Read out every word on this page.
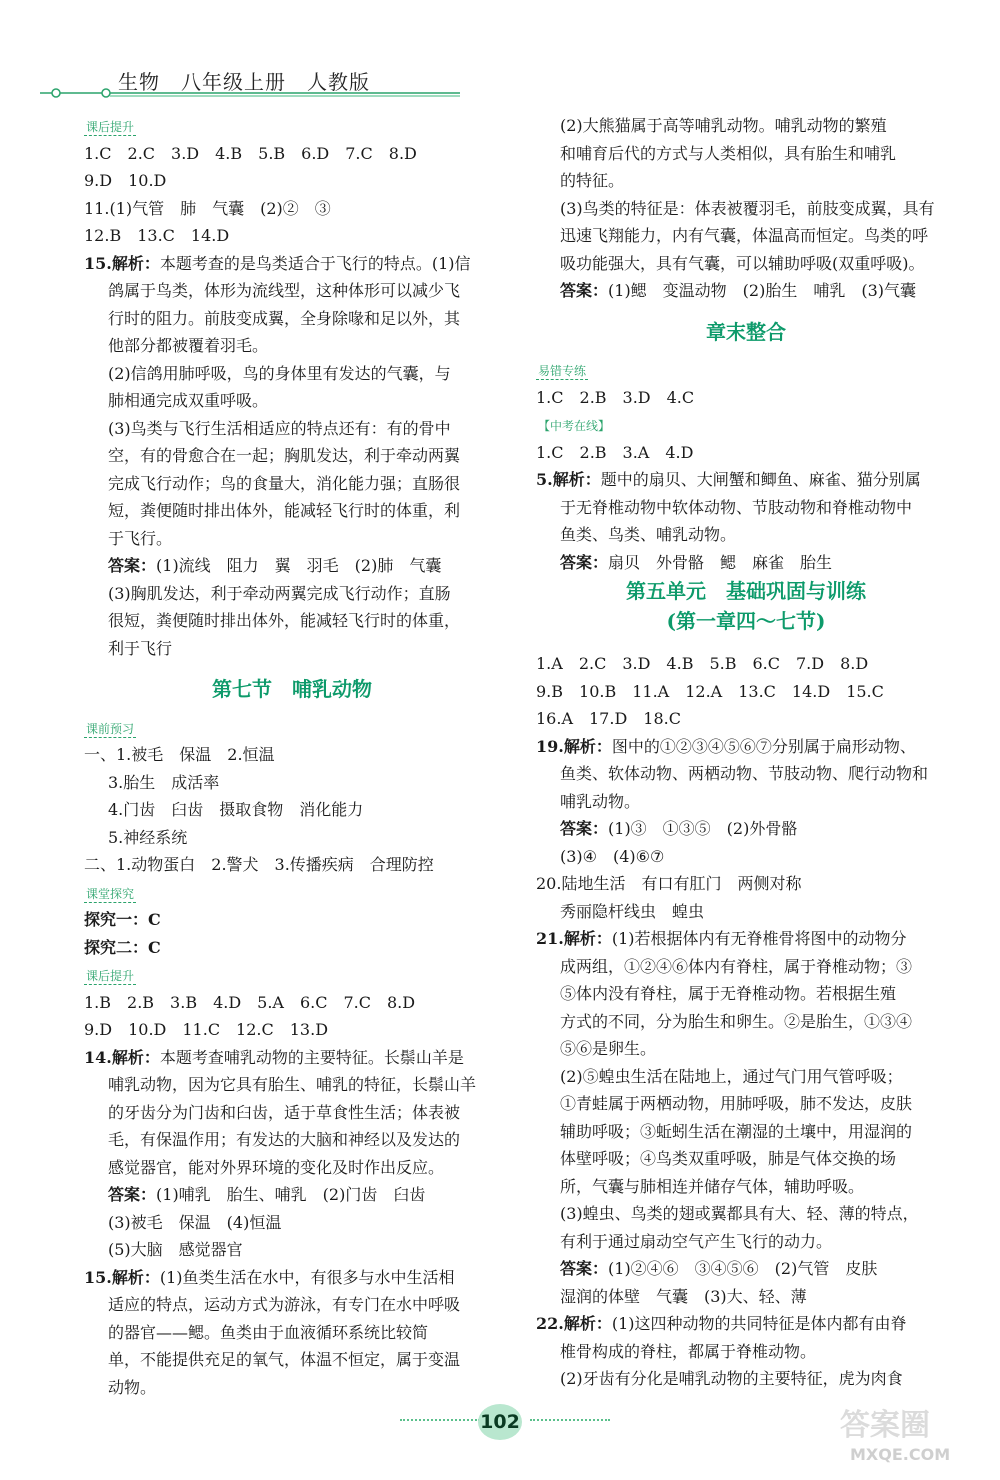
生物　八年级上册　人教版
课后提升
1.C　2.C　3.D　4.B　5.B　6.D　7.C　8.D
9.D　10.D
11.(1)气管　肺　气囊　(2)②　③
12.B　13.C　14.D
15.解析：本题考查的是鸟类适合于飞行的特点。(1)信
鸽属于鸟类，体形为流线型，这种体形可以减少飞
行时的阻力。前肢变成翼，全身除喙和足以外，其
他部分都被覆着羽毛。
(2)信鸽用肺呼吸，鸟的身体里有发达的气囊，与
肺相通完成双重呼吸。
(3)鸟类与飞行生活相适应的特点还有：有的骨中
空，有的骨愈合在一起；胸肌发达，利于牵动两翼
完成飞行动作；鸟的食量大，消化能力强；直肠很
短，粪便随时排出体外，能减轻飞行时的体重，利
于飞行。
答案：(1)流线　阻力　翼　羽毛　(2)肺　气囊
(3)胸肌发达，利于牵动两翼完成飞行动作；直肠
很短，粪便随时排出体外，能减轻飞行时的体重，
利于飞行
第七节　哺乳动物
课前预习
一、1.被毛　保温　2.恒温
3.胎生　成活率
4.门齿　臼齿　摄取食物　消化能力
5.神经系统
二、1.动物蛋白　2.警犬　3.传播疾病　合理防控
课堂探究
探究一：C
探究二：C
课后提升
1.B　2.B　3.B　4.D　5.A　6.C　7.C　8.D
9.D　10.D　11.C　12.C　13.D
14.解析：本题考查哺乳动物的主要特征。长鬃山羊是
哺乳动物，因为它具有胎生、哺乳的特征，长鬃山羊
的牙齿分为门齿和臼齿，适于草食性生活；体表被
毛，有保温作用；有发达的大脑和神经以及发达的
感觉器官，能对外界环境的变化及时作出反应。
答案：(1)哺乳　胎生、哺乳　(2)门齿　臼齿
(3)被毛　保温　(4)恒温
(5)大脑　感觉器官
15.解析：(1)鱼类生活在水中，有很多与水中生活相
适应的特点，运动方式为游泳，有专门在水中呼吸
的器官——鳃。鱼类由于血液循环系统比较简
单，不能提供充足的氧气，体温不恒定，属于变温
动物。
(2)大熊猫属于高等哺乳动物。哺乳动物的繁殖
和哺育后代的方式与人类相似，具有胎生和哺乳
的特征。
(3)鸟类的特征是：体表被覆羽毛，前肢变成翼，具有
迅速飞翔能力，内有气囊，体温高而恒定。鸟类的呼
吸功能强大，具有气囊，可以辅助呼吸(双重呼吸)。
答案：(1)鳃　变温动物　(2)胎生　哺乳　(3)气囊
章末整合
易错专练
1.C　2.B　3.D　4.C
【中考在线】
1.C　2.B　3.A　4.D
5.解析：题中的扇贝、大闸蟹和鲫鱼、麻雀、猫分别属
于无脊椎动物中软体动物、节肢动物和脊椎动物中
鱼类、鸟类、哺乳动物。
答案：扇贝　外骨骼　鳃　麻雀　胎生
第五单元　基础巩固与训练
(第一章四～七节)
1.A　2.C　3.D　4.B　5.B　6.C　7.D　8.D
9.B　10.B　11.A　12.A　13.C　14.D　15.C
16.A　17.D　18.C
19.解析：图中的①②③④⑤⑥⑦分别属于扁形动物、
鱼类、软体动物、两栖动物、节肢动物、爬行动物和
哺乳动物。
答案：(1)③　①③⑤　(2)外骨骼
(3)④　(4)⑥⑦
20.陆地生活　有口有肛门　两侧对称
秀丽隐杆线虫　蝗虫
21.解析：(1)若根据体内有无脊椎骨将图中的动物分
成两组，①②④⑥体内有脊柱，属于脊椎动物；③
⑤体内没有脊柱，属于无脊椎动物。若根据生殖
方式的不同，分为胎生和卵生。②是胎生，①③④
⑤⑥是卵生。
(2)⑤蝗虫生活在陆地上，通过气门用气管呼吸；
①青蛙属于两栖动物，用肺呼吸，肺不发达，皮肤
辅助呼吸；③蚯蚓生活在潮湿的土壤中，用湿润的
体壁呼吸；④鸟类双重呼吸，肺是气体交换的场
所，气囊与肺相连并储存气体，辅助呼吸。
(3)蝗虫、鸟类的翅或翼都具有大、轻、薄的特点，
有利于通过扇动空气产生飞行的动力。
答案：(1)②④⑥　③④⑤⑥　(2)气管　皮肤
湿润的体壁　气囊　(3)大、轻、薄
22.解析：(1)这四种动物的共同特征是体内都有由脊
椎骨构成的脊柱，都属于脊椎动物。
(2)牙齿有分化是哺乳动物的主要特征，虎为肉食
102	答案圈
MXQE.COM
